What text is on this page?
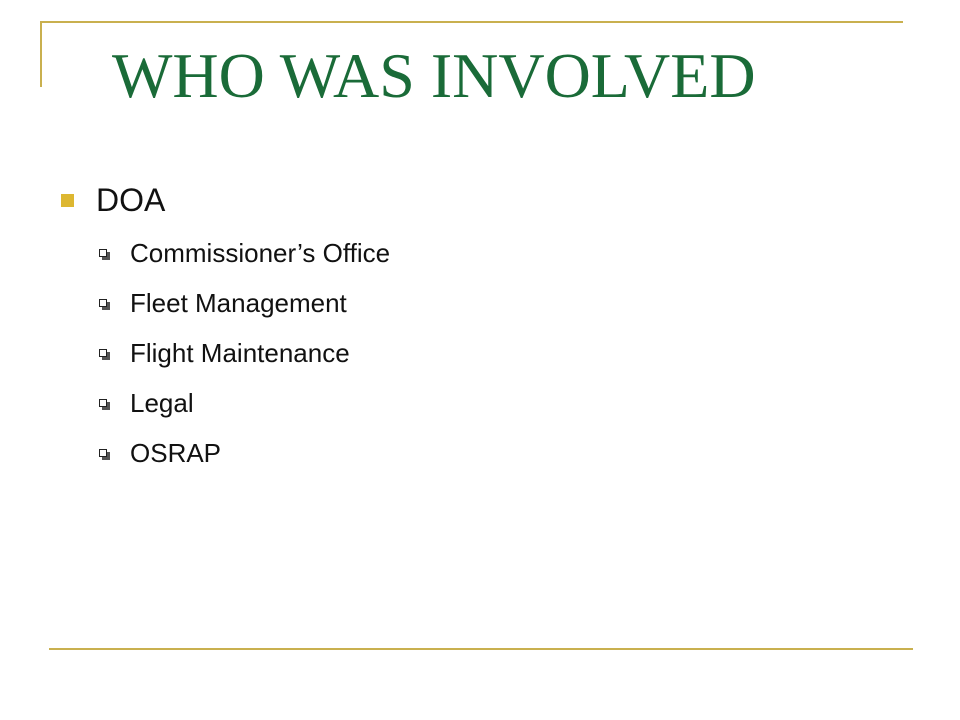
WHO WAS INVOLVED
DOA
Commissioner’s Office
Fleet Management
Flight Maintenance
Legal
OSRAP
